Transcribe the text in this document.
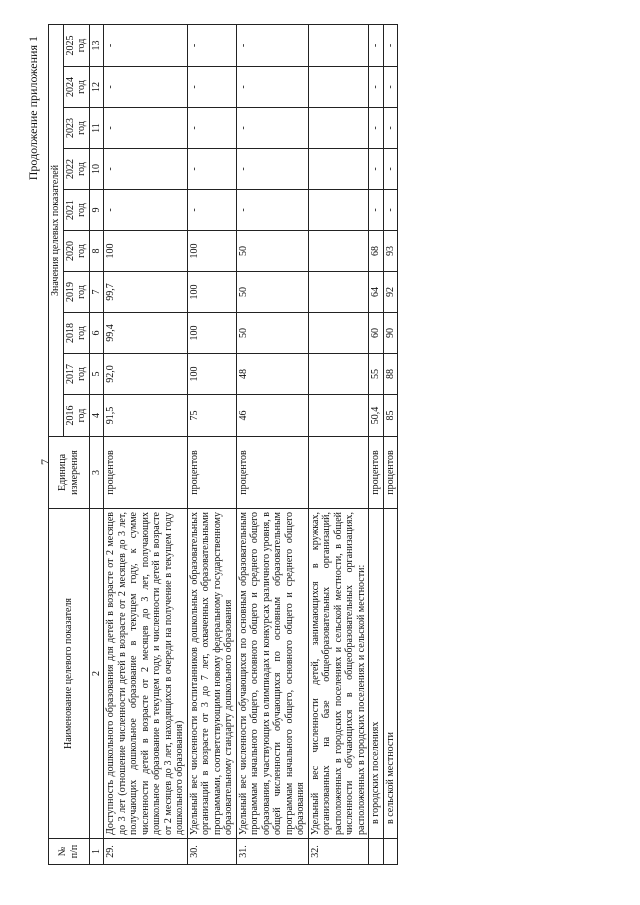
7
Продолжение приложения 1
№ п/п	Наименование целевого показателя	Единица измерения	Значения целевых показателей									
			2016 год	2017 год	2018 год	2019 год	2020 год	2021 год	2022 год	2023 год	2024 год	2025 год
1	2	3	4	5	6	7	8	9	10	11	12	13
29.	Доступность дошкольного образования для детей в возрасте от 2 месяцев до 3 лет (отношение численности детей в возрасте от 2 месяцев до 3 лет, получающих дошкольное образование в текущем году, к сумме численности детей в возрасте от 2 месяцев до 3 лет, получающих дошкольное образование в текущем году, и численности детей в возрасте от 2 месяцев до 3 лет, находящихся в очереди на получение в текущем году дошкольного образования)	процентов	91,5	92,0	99,4	99,7	100	-	-	-	-	-
30.	Удельный вес численности воспитанников дошкольных образовательных организаций в возрасте от 3 до 7 лет, охваченных образовательными программами, соответствующими новому федеральному государственному образовательному стандарту дошкольного образования	процентов	75	100	100	100	100	-	-	-	-	-
31.	Удельный вес численности обучающихся по основным образовательным программам начального общего, основного общего и среднего общего образования, участвующих в олимпиадах и конкурсах различного уровня, в общей численности обучающихся по основным образовательным программам начального общего, основного общего и среднего общего образования	процентов	46	48	50	50	50	-	-	-	-	-
32.	Удельный вес численности детей, занимающихся в кружках, организованных на базе общеобразовательных организаций, расположенных в городских поселениях и сельской местности, в общей численности обучающихся в общеобразовательных организациях, расположенных в городских поселениях и сельской местности:											
	в городских поселениях	процентов	50,4	55	60	64	68	-	-	-	-	-
	в сельской местности	процентов	85	88	90	92	93	-	-	-	-	-
